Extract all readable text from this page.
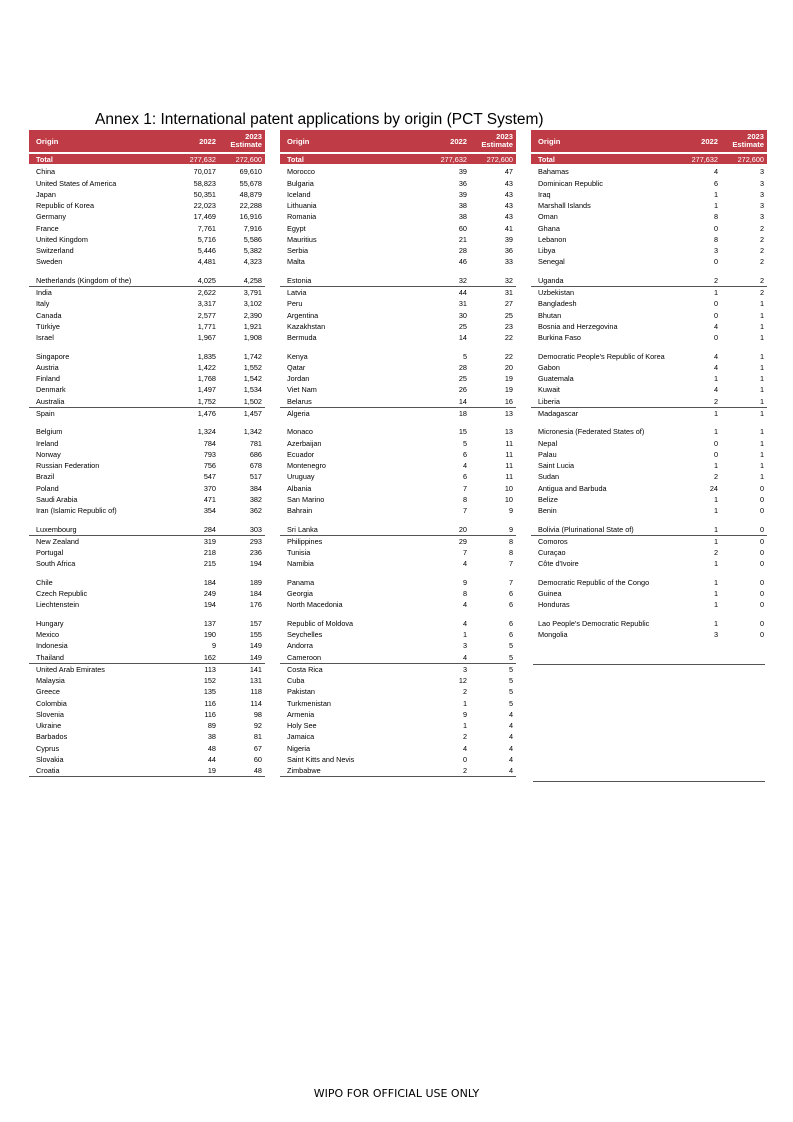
Annex 1: International patent applications by origin (PCT System)
Origin	2022
2023
Estimate
Total	277,632	272,600
China	70,017	69,610
United States of America	58,823	55,678
Japan	50,351	48,879
Republic of Korea	22,023	22,288
Germany	17,469	16,916
France	7,761	7,916
United Kingdom	5,716	5,586
Switzerland	5,446	5,382
Sweden	4,481	4,323
Netherlands (Kingdom of the)	4,025	4,258
India	2,622	3,791
Italy	3,317	3,102
Canada	2,577	2,390
Türkiye	1,771	1,921
Israel	1,967	1,908
Singapore	1,835	1,742
Austria	1,422	1,552
Finland	1,768	1,542
Denmark	1,497	1,534
Australia	1,752	1,502
Spain	1,476	1,457
Belgium	1,324	1,342
Ireland	784	781
Norway	793	686
Russian Federation	756	678
Brazil	547	517
Poland	370	384
Saudi Arabia	471	382
Iran (Islamic Republic of)	354	362
Luxembourg	284	303
New Zealand	319	293
Portugal	218	236
South Africa	215	194
Chile	184	189
Czech Republic	249	184
Liechtenstein	194	176
Hungary	137	157
Mexico	190	155
Indonesia	9	149
Thailand	162	149
United Arab Emirates	113	141
Malaysia	152	131
Greece	135	118
Colombia	116	114
Slovenia	116	98
Ukraine	89	92
Barbados	38	81
Cyprus	48	67
Slovakia	44	60
Croatia	19	48
Origin	2022
2023
Estimate
Total	277,632	272,600
Morocco	39	47
Bulgaria	36	43
Iceland	39	43
Lithuania	38	43
Romania	38	43
Egypt	60	41
Mauritius	21	39
Serbia	28	36
Malta	46	33
Estonia	32	32
Latvia	44	31
Peru	31	27
Argentina	30	25
Kazakhstan	25	23
Bermuda	14	22
Kenya	5	22
Qatar	28	20
Jordan	25	19
Viet Nam	26	19
Belarus	14	16
Algeria	18	13
Monaco	15	13
Azerbaijan	5	11
Ecuador	6	11
Montenegro	4	11
Uruguay	6	11
Albania	7	10
San Marino	8	10
Bahrain	7	9
Sri Lanka	20	9
Philippines	29	8
Tunisia	7	8
Namibia	4	7
Panama	9	7
Georgia	8	6
North Macedonia	4	6
Republic of Moldova	4	6
Seychelles	1	6
Andorra	3	5
Cameroon	4	5
Costa Rica	3	5
Cuba	12	5
Pakistan	2	5
Turkmenistan	1	5
Armenia	9	4
Holy See	1	4
Jamaica	2	4
Nigeria	4	4
Saint Kitts and Nevis	0	4
Zimbabwe	2	4
Origin	2022
2023
Estimate
Total	277,632	272,600
Bahamas	4	3
Dominican Republic	6	3
Iraq	1	3
Marshall Islands	1	3
Oman	8	3
Ghana	0	2
Lebanon	8	2
Libya	3	2
Senegal	0	2
Uganda	2	2
Uzbekistan	1	2
Bangladesh	0	1
Bhutan	0	1
Bosnia and Herzegovina	4	1
Burkina Faso	0	1
Democratic People's Republic of Korea	4	1
Gabon	4	1
Guatemala	1	1
Kuwait	4	1
Liberia	2	1
Madagascar	1	1
Micronesia (Federated States of)	1	1
Nepal	0	1
Palau	0	1
Saint Lucia	1	1
Sudan	2	1
Antigua and Barbuda	24	0
Belize	1	0
Benin	1	0
Bolivia (Plurinational State of)	1	0
Comoros	1	0
Curaçao	2	0
Côte d'Ivoire	1	0
Democratic Republic of the Congo	1	0
Guinea	1	0
Honduras	1	0
Lao People's Democratic Republic	1	0
Mongolia	3	0
WIPO FOR OFFICIAL USE ONLY
